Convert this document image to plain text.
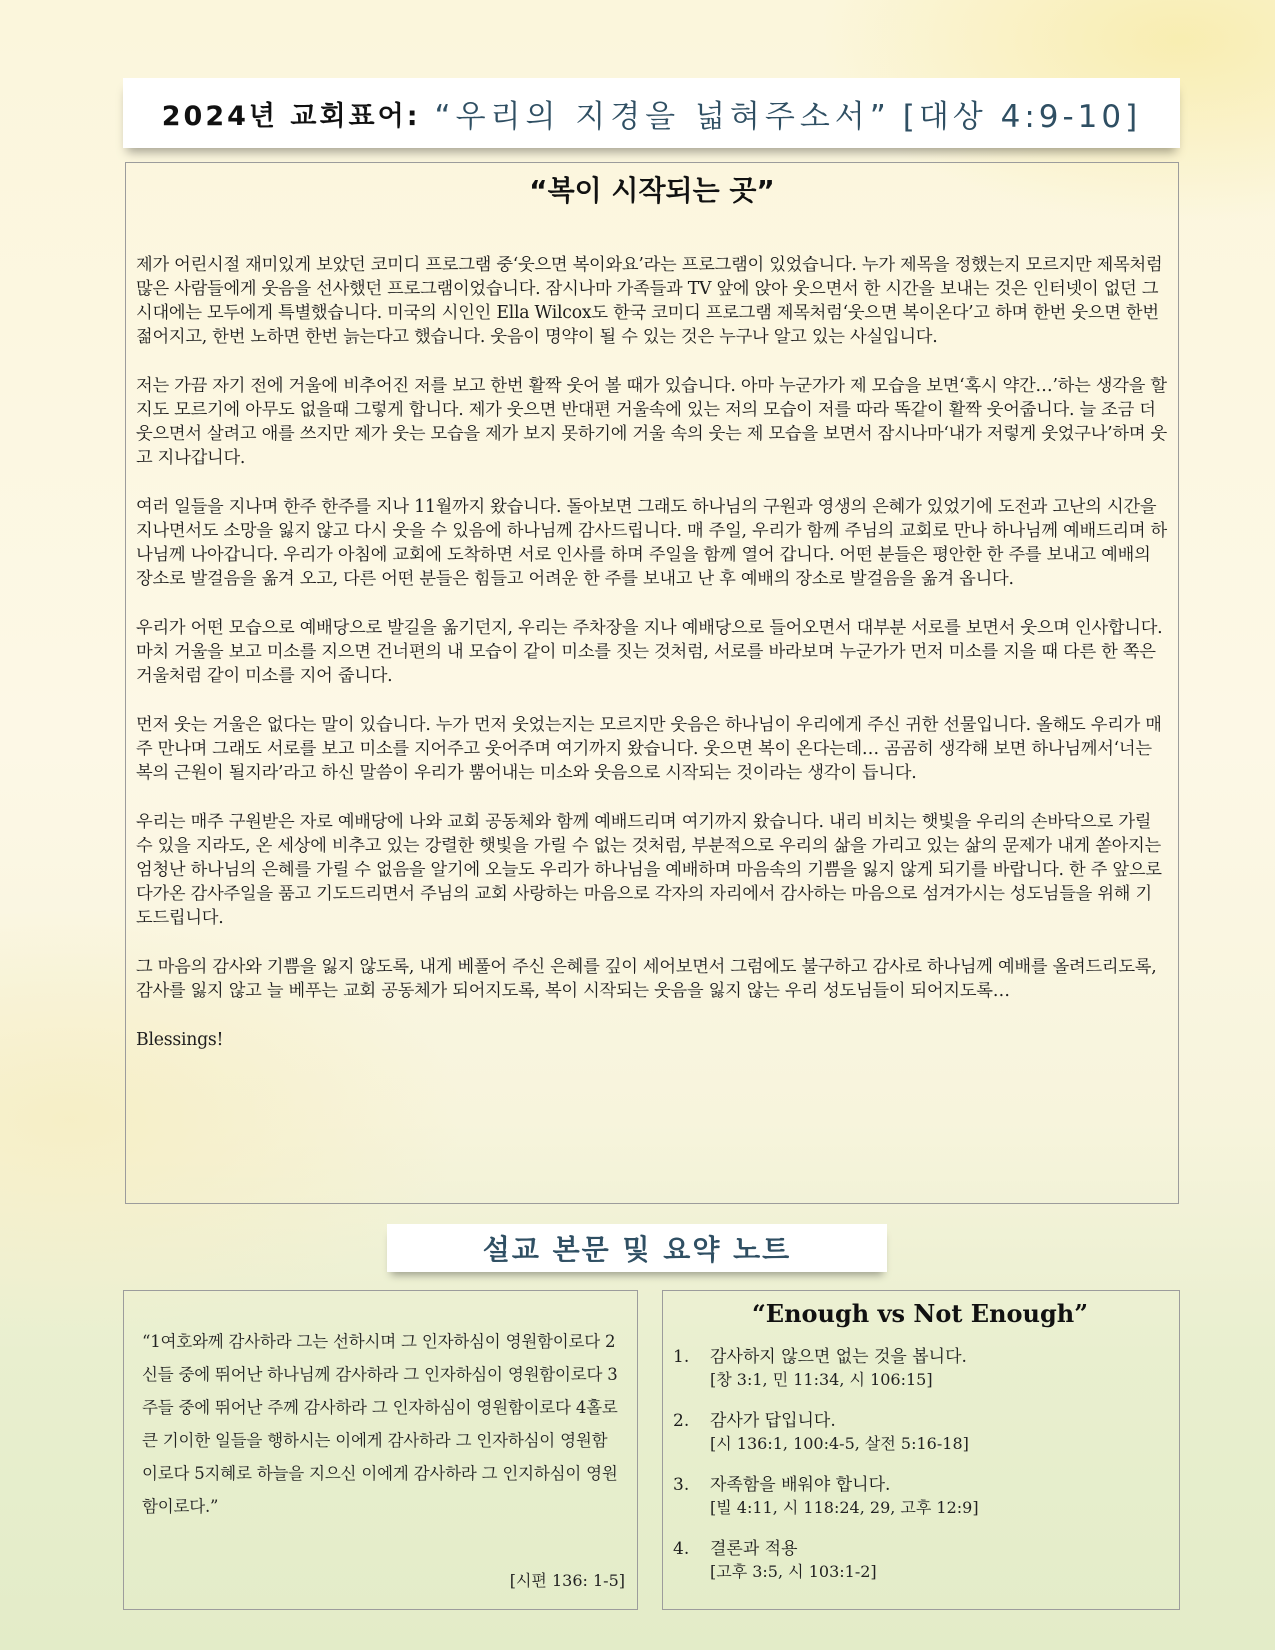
2024년 교회표어: “우리의 지경을 넓혀주소서” [대상 4:9-10]
“복이 시작되는 곳”

제가 어린시절 재미있게 보았던 코미디 프로그램 중‘웃으면 복이와요’라는 프로그램이 있었습니다. 누가 제목을 정했는지 모르지만 제목처럼 많은 사람들에게 웃음을 선사했던 프로그램이었습니다. 잠시나마 가족들과 TV 앞에 앉아 웃으면서 한 시간을 보내는 것은 인터넷이 없던 그 시대에는 모두에게 특별했습니다. 미국의 시인인 Ella Wilcox도 한국 코미디 프로그램 제목처럼‘웃으면 복이온다’고 하며 한번 웃으면 한번 젊어지고, 한번 노하면 한번 늙는다고 했습니다. 웃음이 명약이 될 수 있는 것은 누구나 알고 있는 사실입니다.

저는 가끔 자기 전에 거울에 비추어진 저를 보고 한번 활짝 웃어 볼 때가 있습니다. 아마 누군가가 제 모습을 보면‘혹시 약간…’하는 생각을 할지도 모르기에 아무도 없을때 그렇게 합니다. 제가 웃으면 반대편 거울속에 있는 저의 모습이 저를 따라 똑같이 활짝 웃어줍니다. 늘 조금 더 웃으면서 살려고 애를 쓰지만 제가 웃는 모습을 제가 보지 못하기에 거울 속의 웃는 제 모습을 보면서 잠시나마‘내가 저렇게 웃었구나’하며 웃고 지나갑니다.

여러 일들을 지나며 한주 한주를 지나 11월까지 왔습니다. 돌아보면 그래도 하나님의 구원과 영생의 은혜가 있었기에 도전과 고난의 시간을 지나면서도 소망을 잃지 않고 다시 웃을 수 있음에 하나님께 감사드립니다. 매 주일, 우리가 함께 주님의 교회로 만나 하나님께 예배드리며 하나님께 나아갑니다. 우리가 아침에 교회에 도착하면 서로 인사를 하며 주일을 함께 열어 갑니다. 어떤 분들은 평안한 한 주를 보내고 예배의 장소로 발걸음을 옮겨 오고, 다른 어떤 분들은 힘들고 어려운 한 주를 보내고 난 후 예배의 장소로 발걸음을 옮겨 옵니다.

우리가 어떤 모습으로 예배당으로 발길을 옮기던지, 우리는 주차장을 지나 예배당으로 들어오면서 대부분 서로를 보면서 웃으며 인사합니다. 마치 거울을 보고 미소를 지으면 건너편의 내 모습이 같이 미소를 짓는 것처럼, 서로를 바라보며 누군가가 먼저 미소를 지을 때 다른 한 쪽은 거울처럼 같이 미소를 지어 줍니다.

먼저 웃는 거울은 없다는 말이 있습니다. 누가 먼저 웃었는지는 모르지만 웃음은 하나님이 우리에게 주신 귀한 선물입니다. 올해도 우리가 매주 만나며 그래도 서로를 보고 미소를 지어주고 웃어주며 여기까지 왔습니다. 웃으면 복이 온다는데… 곰곰히 생각해 보면 하나님께서‘너는 복의 근원이 될지라’라고 하신 말씀이 우리가 뿜어내는 미소와 웃음으로 시작되는 것이라는 생각이 듭니다.

우리는 매주 구원받은 자로 예배당에 나와 교회 공동체와 함께 예배드리며 여기까지 왔습니다. 내리 비치는 햇빛을 우리의 손바닥으로 가릴 수 있을 지라도, 온 세상에 비추고 있는 강렬한 햇빛을 가릴 수 없는 것처럼, 부분적으로 우리의 삶을 가리고 있는 삶의 문제가 내게 쏟아지는 엄청난 하나님의 은혜를 가릴 수 없음을 알기에 오늘도 우리가 하나님을 예배하며 마음속의 기쁨을 잃지 않게 되기를 바랍니다. 한 주 앞으로 다가온 감사주일을 품고 기도드리면서 주님의 교회 사랑하는 마음으로 각자의 자리에서 감사하는 마음으로 섬겨가시는 성도님들을 위해 기도드립니다.

그 마음의 감사와 기쁨을 잃지 않도록, 내게 베풀어 주신 은혜를 깊이 세어보면서 그럼에도 불구하고 감사로 하나님께 예배를 올려드리도록, 감사를 잃지 않고 늘 베푸는 교회 공동체가 되어지도록, 복이 시작되는 웃음을 잃지 않는 우리 성도님들이 되어지도록…

Blessings!

설교 본문 및 요약 노트

“1여호와께 감사하라 그는 선하시며 그 인자하심이 영원함이로다 2신들 중에 뛰어난 하나님께 감사하라 그 인자하심이 영원함이로다 3주들 중에 뛰어난 주께 감사하라 그 인자하심이 영원함이로다 4홀로 큰 기이한 일들을 행하시는 이에게 감사하라 그 인자하심이 영원함이로다 5지혜로 하늘을 지으신 이에게 감사하라 그 인지하심이 영원함이로다.”

[시편 136: 1-5]
“Enough vs Not Enough”
1.	감사하지 않으면 없는 것을 봅니다.
[창 3:1, 민 11:34, 시 106:15]
2.	감사가 답입니다.
[시 136:1, 100:4-5, 살전 5:16-18]
3.	자족함을 배워야 합니다.
[빌 4:11, 시 118:24, 29, 고후 12:9]
4.	결론과 적용
[고후 3:5, 시 103:1-2]
